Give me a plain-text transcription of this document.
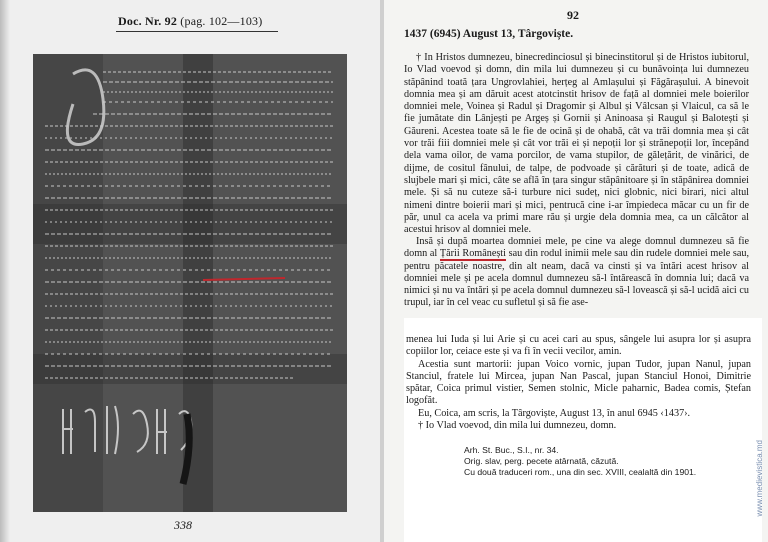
Doc. Nr. 92 (pag. 102—103)
338
92
1437 (6945) August 13, Târgoviște.

† In Hristos dumnezeu, binecredinciosul și binecinstitorul și de Hristos iubitorul, Io Vlad voevod și domn, din mila lui dumnezeu și cu bunăvoința lui dumnezeu stăpânind toată țara Ungrovlahiei, herțeg al Amlașului și Făgărașului. A binevoit domnia mea și am dăruit acest atotcinstit hrisov de față al domniei mele boierilor domniei mele, Voinea și Radul și Dragomir și Albul și Vâlcsan și Vlaicul, ca să le fie jumătate din Lânjești pe Argeș și Gornii și Aninoasa și Raugul și Balotești și Găureni. Acestea toate să le fie de ocină și de ohabă, cât va trăi domnia mea și cât vor trăi fiii domniei mele și cât vor trăi ei și nepoții lor și strănepoții lor, începând dela vama oilor, de vama porcilor, de vama stupilor, de gălețărit, de vinărici, de dijme, de cositul fânului, de talpe, de podvoade și cărături și de toate, adică de slujbele mari și mici, câte se află în țara singur stăpânitoare și în stăpânirea domniei mele. Și să nu cuteze să-i turbure nici sudeț, nici globnic, nici birari, nici altul nimeni dintre boierii mari și mici, pentrucă cine i-ar împiedeca măcar cu un fir de păr, unul ca acela va primi mare rău și urgie dela domnia mea, ca un călcător al acestui hrisov al domniei mele.

Insă și după moartea domniei mele, pe cine va alege domnul dumnezeu să fie domn al Țării Românești sau din rodul inimii mele sau din rudele domniei mele sau, pentru păcatele noastre, din alt neam, dacă va cinsti și va întări acest hrisov al domniei mele și pe acela domnul dumnezeu să-l întărească în domnia lui; dacă va nimici și nu va întări și pe acela domnul dumnezeu să-l lovească și să-l ucidă aici cu trupul, iar în cel veac cu sufletul și să fie ase-

menea lui Iuda și lui Arie și cu acei cari au spus, sângele lui asupra lor și asupra copiilor lor, ceiace este și va fi în vecii vecilor, amin.

Acestia sunt martorii: jupan Voico vornic, jupan Tudor, jupan Nanul, jupan Stanciul, fratele lui Mircea, jupan Nan Pascal, jupan Stanciul Honoi, Dimitrie spătar, Coica primul vistier, Semen stolnic, Micle paharnic, Badea comis, Ștefan logofăt.

Eu, Coica, am scris, la Târgoviște, August 13, în anul 6945 ‹1437›.

† Io Vlad voevod, din mila lui dumnezeu, domn.

Arh. St. Buc., S.I., nr. 34.
Orig. slav, perg. pecete atârnată, căzută.
Cu două traduceri rom., una din sec. XVIII, cealaltă din 1901.	www.medievistica.md
